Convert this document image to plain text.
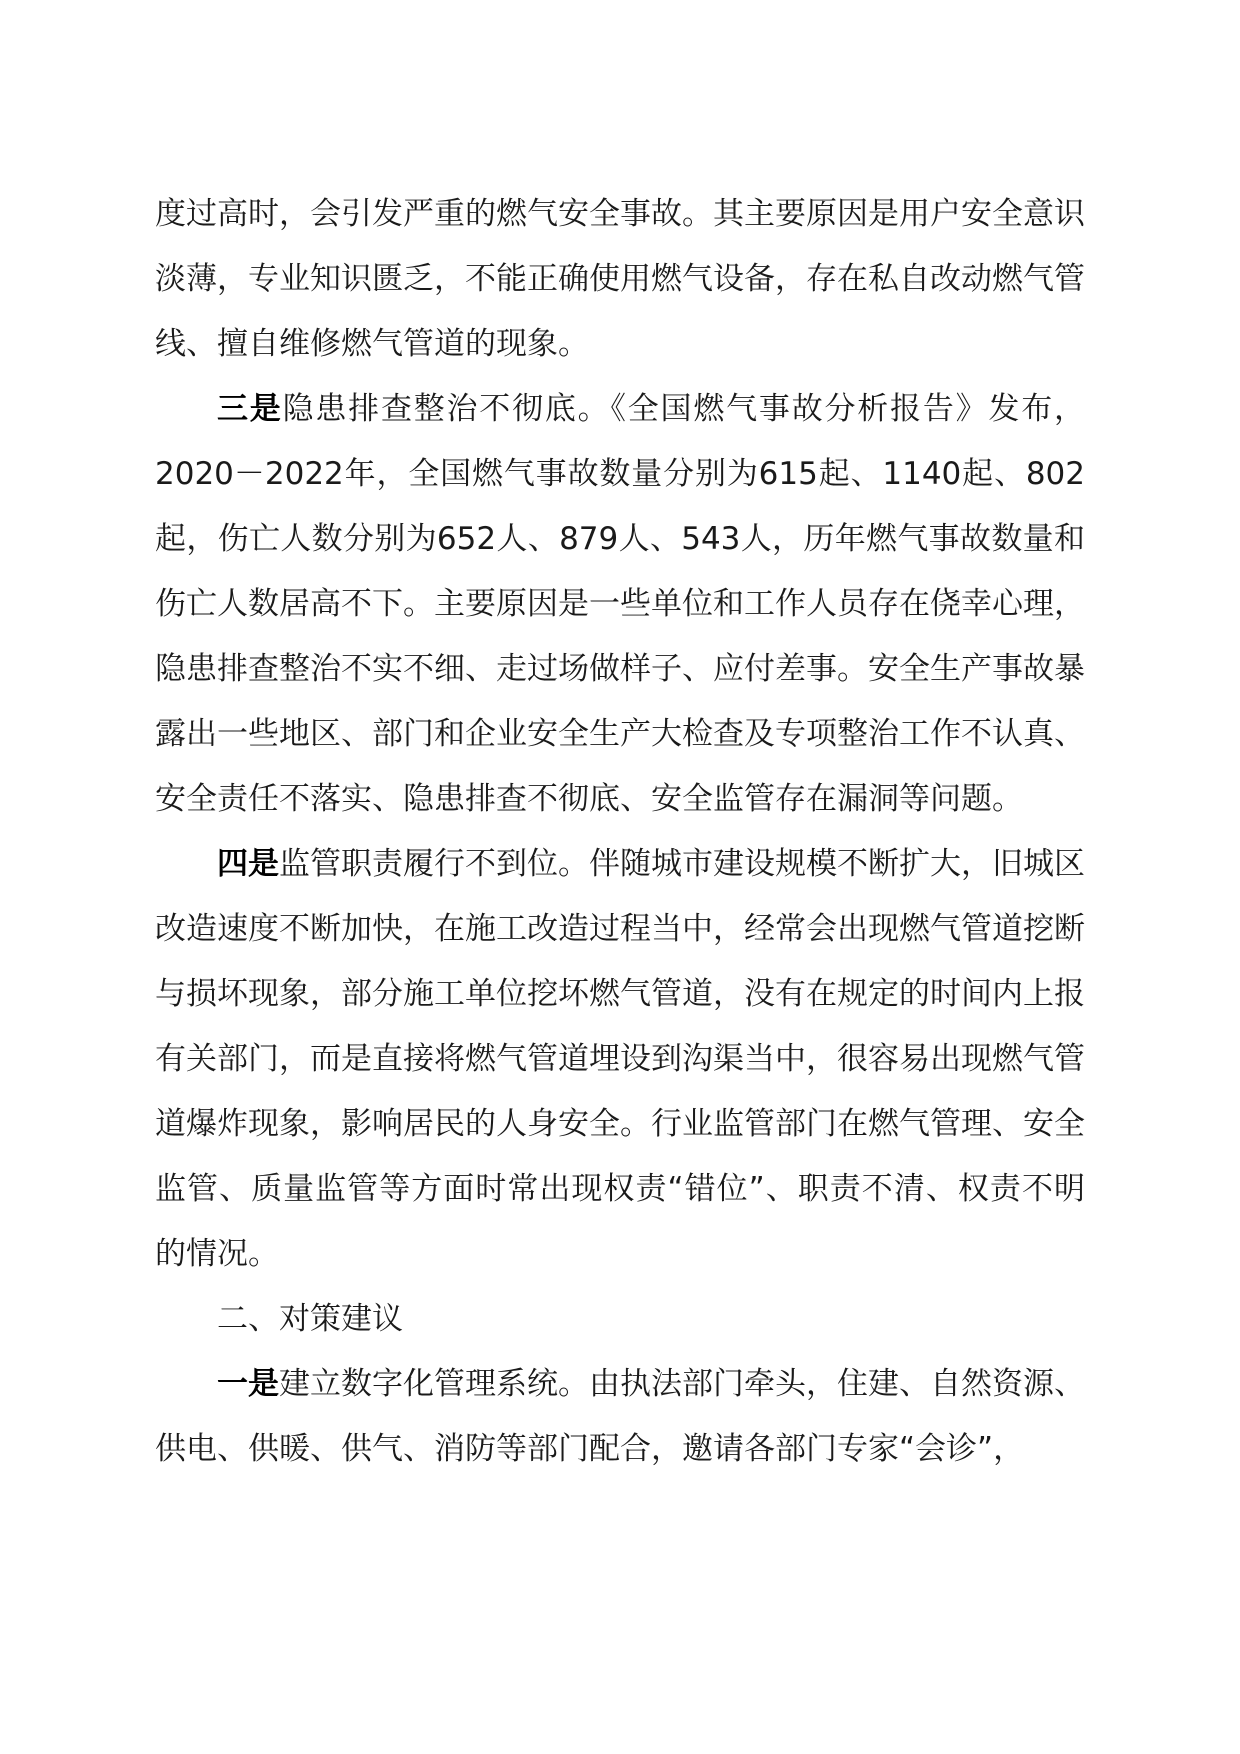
度过高时，会引发严重的燃气安全事故。其主要原因是用户安全意识淡薄，专业知识匮乏，不能正确使用燃气设备，存在私自改动燃气管线、擅自维修燃气管道的现象。

三是隐患排查整治不彻底。《全国燃气事故分析报告》发布，2020－2022年，全国燃气事故数量分别为615起、1140起、802起，伤亡人数分别为652人、879人、543人，历年燃气事故数量和伤亡人数居高不下。主要原因是一些单位和工作人员存在侥幸心理，隐患排查整治不实不细、走过场做样子、应付差事。安全生产事故暴露出一些地区、部门和企业安全生产大检查及专项整治工作不认真、安全责任不落实、隐患排查不彻底、安全监管存在漏洞等问题。

四是监管职责履行不到位。伴随城市建设规模不断扩大，旧城区改造速度不断加快，在施工改造过程当中，经常会出现燃气管道挖断与损坏现象，部分施工单位挖坏燃气管道，没有在规定的时间内上报有关部门，而是直接将燃气管道埋设到沟渠当中，很容易出现燃气管道爆炸现象，影响居民的人身安全。行业监管部门在燃气管理、安全监管、质量监管等方面时常出现权责“错位”、职责不清、权责不明的情况。

二、对策建议

一是建立数字化管理系统。由执法部门牵头，住建、自然资源、供电、供暖、供气、消防等部门配合，邀请各部门专家“会诊”，
